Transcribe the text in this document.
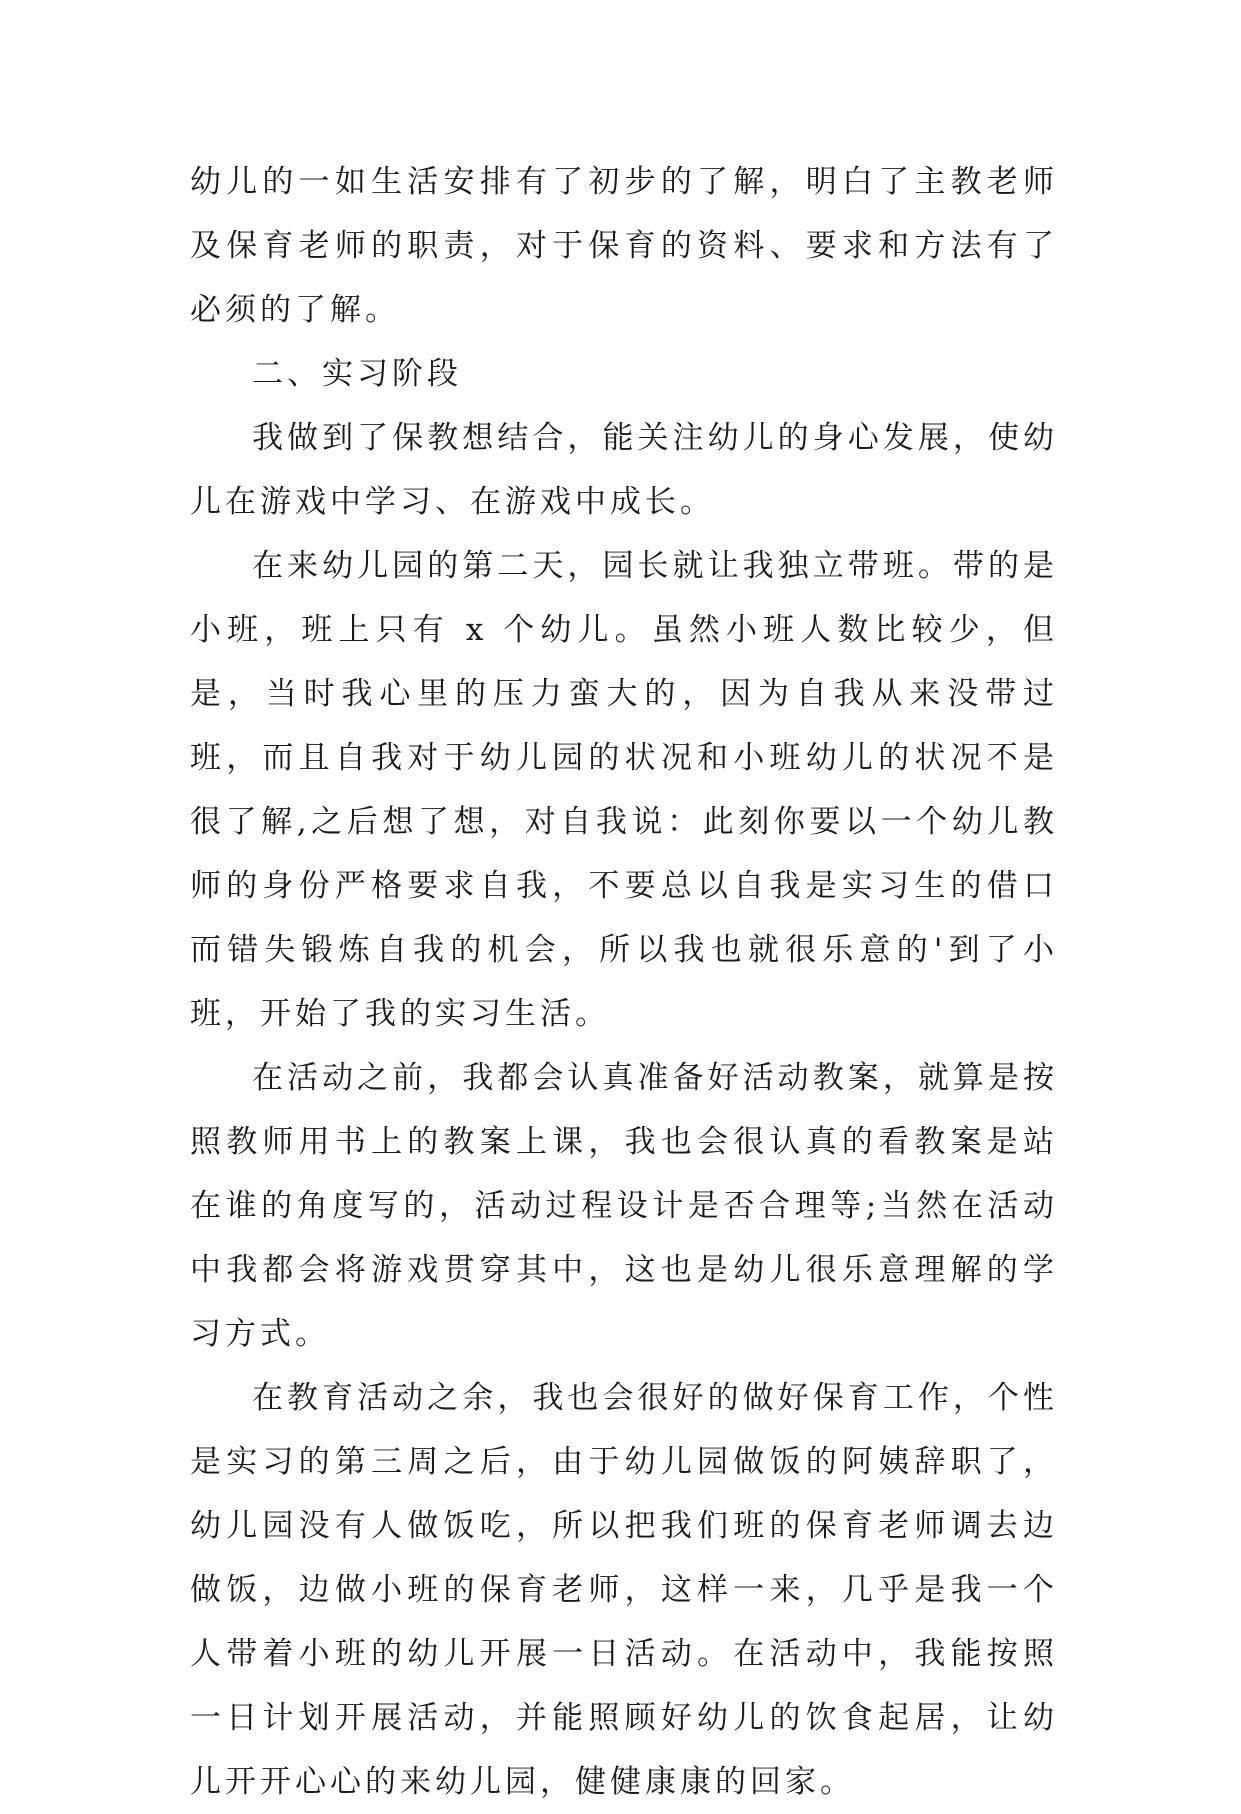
幼儿的一如生活安排有了初步的了解，明白了主教老师及保育老师的职责，对于保育的资料、要求和方法有了必须的了解。

二、实习阶段

我做到了保教想结合，能关注幼儿的身心发展，使幼儿在游戏中学习、在游戏中成长。

在来幼儿园的第二天，园长就让我独立带班。带的是小班，班上只有 x 个幼儿。虽然小班人数比较少，但是，当时我心里的压力蛮大的，因为自我从来没带过班，而且自我对于幼儿园的状况和小班幼儿的状况不是很了解,之后想了想，对自我说：此刻你要以一个幼儿教师的身份严格要求自我，不要总以自我是实习生的借口而错失锻炼自我的机会，所以我也就很乐意的'到了小班，开始了我的实习生活。

在活动之前，我都会认真准备好活动教案，就算是按照教师用书上的教案上课，我也会很认真的看教案是站在谁的角度写的，活动过程设计是否合理等;当然在活动中我都会将游戏贯穿其中，这也是幼儿很乐意理解的学习方式。

在教育活动之余，我也会很好的做好保育工作，个性是实习的第三周之后，由于幼儿园做饭的阿姨辞职了，幼儿园没有人做饭吃，所以把我们班的保育老师调去边做饭，边做小班的保育老师，这样一来，几乎是我一个人带着小班的幼儿开展一日活动。在活动中，我能按照一日计划开展活动，并能照顾好幼儿的饮食起居，让幼儿开开心心的来幼儿园，健健康康的回家。
